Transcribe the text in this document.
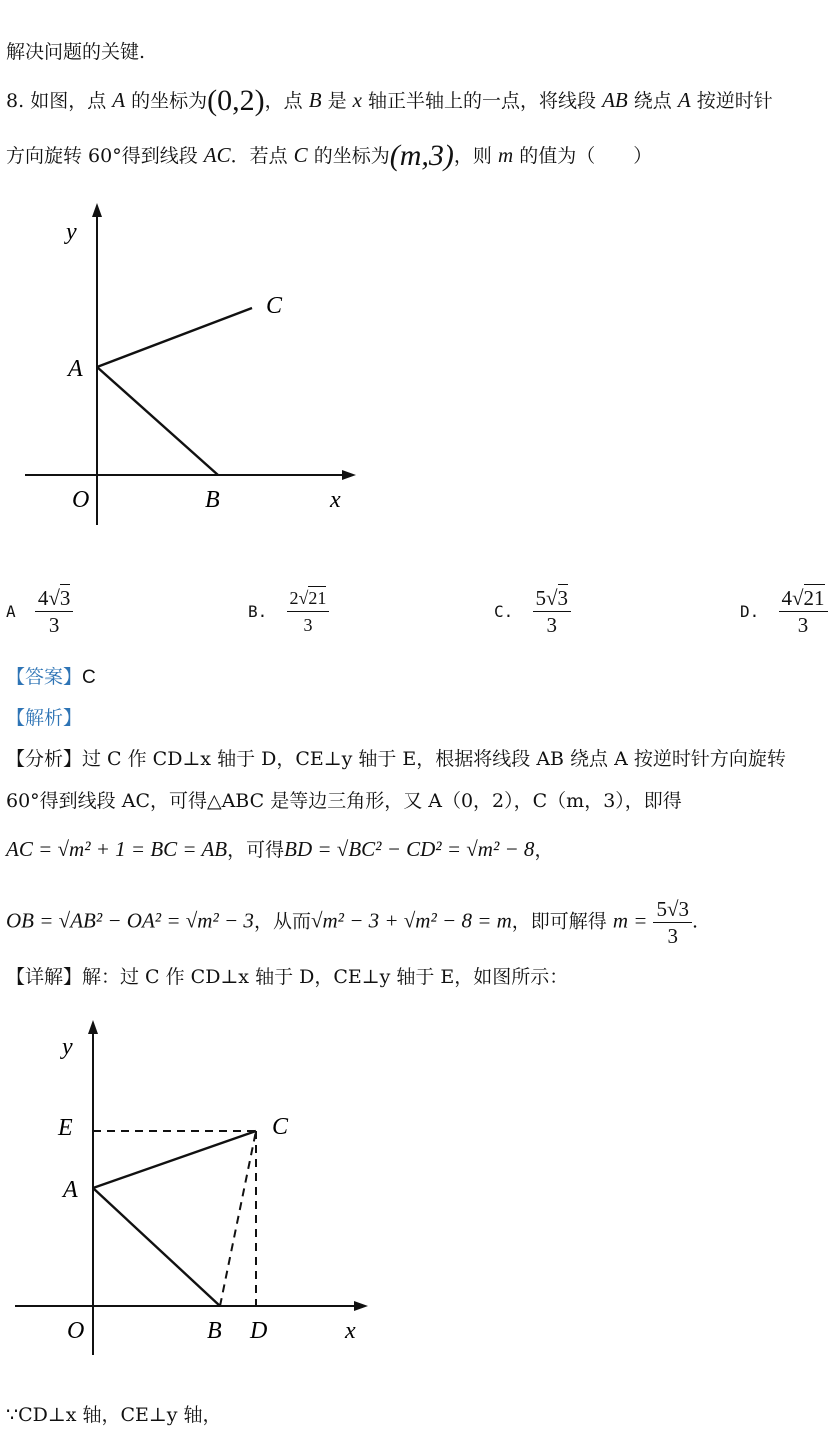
解决问题的关键.
8. 如图，点 A 的坐标为(0,2)，点 B 是 x 轴正半轴上的一点，将线段 AB 绕点 A 按逆时针
方向旋转 60°得到线段 AC．若点 C 的坐标为(m,3)，则 m 的值为（　　）
y
C
A
O	B	x
A $\frac{4√3}{3}$	B. $\frac{2√21}{3}$	C. $\frac{5√3}{3}$	D. $\frac{4√21}{3}$
【答案】C
【解析】
【分析】过 C 作 CD⊥x 轴于 D，CE⊥y 轴于 E，根据将线段 AB 绕点 A 按逆时针方向旋转
60°得到线段 AC，可得△ABC 是等边三角形，又 A（0，2），C（m，3），即得
AC = √m² + 1 = BC = AB，可得BD = √BC² − CD² = √m² − 8，
OB = √AB² − OA² = √m² − 3，从而√m² − 3 + √m² − 8 = m，即可解得 $m = \frac{5√3}{3}$ .
【详解】解：过 C 作 CD⊥x 轴于 D，CE⊥y 轴于 E，如图所示：
y
E	C
A
O	B D	x
∵CD⊥x 轴，CE⊥y 轴，
